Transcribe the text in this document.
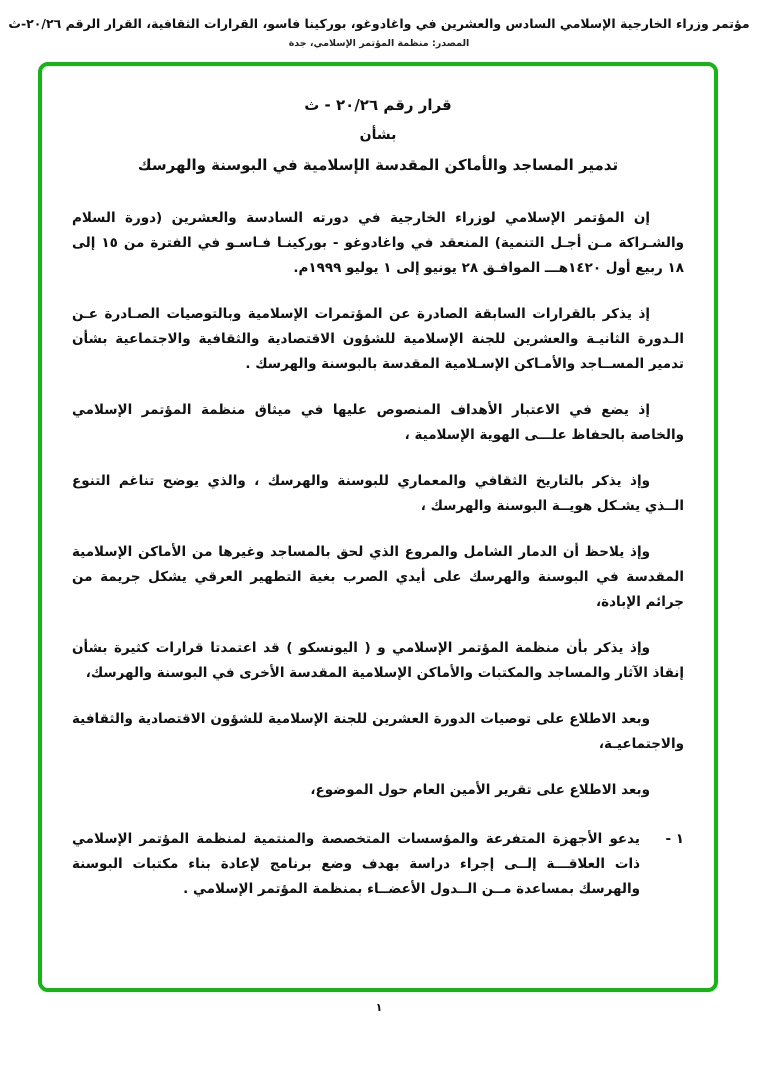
مؤتمر وزراء الخارجية الإسلامي السادس والعشرين في واغادوغو، بوركينا فاسو، القرارات الثقافية، القرار الرقم ٢٠/٢٦-ث
المصدر: منظمة المؤتمر الإسلامي، جدة
قرار رقم ٢٠/٢٦ - ث
بشأن
تدمير المساجد والأماكن المقدسة الإسلامية في البوسنة والهرسك

إن المؤتمر الإسلامي لوزراء الخارجية في دورته السادسة والعشرين (دورة السلام والشـراكة مـن أجـل التنمية) المنعقد في واغادوغو - بوركينـا فـاسـو في الفترة من ١٥ إلى ١٨ ربيع أول ١٤٢٠هـــ الموافـق ٢٨ يونيو إلى ١ يوليو ١٩٩٩م.

إذ يذكر بالقرارات السابقة الصادرة عن المؤتمرات الإسلامية وبالتوصيات الصـادرة عـن الـدورة الثانيـة والعشرين للجنة الإسلامية للشؤون الاقتصادية والثقافية والاجتماعية بشأن تدمير المســاجد والأمـاكن الإسـلامية المقدسة بالبوسنة والهرسك .

إذ يضع في الاعتبار الأهداف المنصوص عليها في ميثاق منظمة المؤتمر الإسلامي والخاصة بالحفاظ علـــى الهوية الإسلامية ،

وإذ يذكر بالتاريخ الثقافي والمعماري للبوسنة والهرسك ، والذي يوضح تناغم التنوع الــذي يشـكل هويــة البوسنة والهرسك ،

وإذ يلاحظ أن الدمار الشامل والمروع الذي لحق بالمساجد وغيرها من الأماكن الإسلامية المقدسة في البوسنة والهرسك على أيدي الصرب بغية التطهير العرقي يشكل جريمة من جرائم الإبادة،

وإذ يذكر بأن منظمة المؤتمر الإسلامي و ( اليونسكو ) قد اعتمدتا قرارات كثيرة بشأن إنقاذ الآثار والمساجد والمكتبات والأماكن الإسلامية المقدسة الأخرى في البوسنة والهرسك،

وبعد الاطلاع على توصيات الدورة العشرين للجنة الإسلامية للشؤون الاقتصادية والثقافية والاجتماعيـة،

وبعد الاطلاع على تقرير الأمين العام حول الموضوع،

١ -
يدعو الأجهزة المتفرعة والمؤسسات المتخصصة والمنتمية لمنظمة المؤتمر الإسلامي ذات العلاقـــة إلــى إجراء دراسة بهدف وضع برنامج لإعادة بناء مكتبات البوسنة والهرسك بمساعدة مــن الــدول الأعضــاء بمنظمة المؤتمر الإسلامي .
١
